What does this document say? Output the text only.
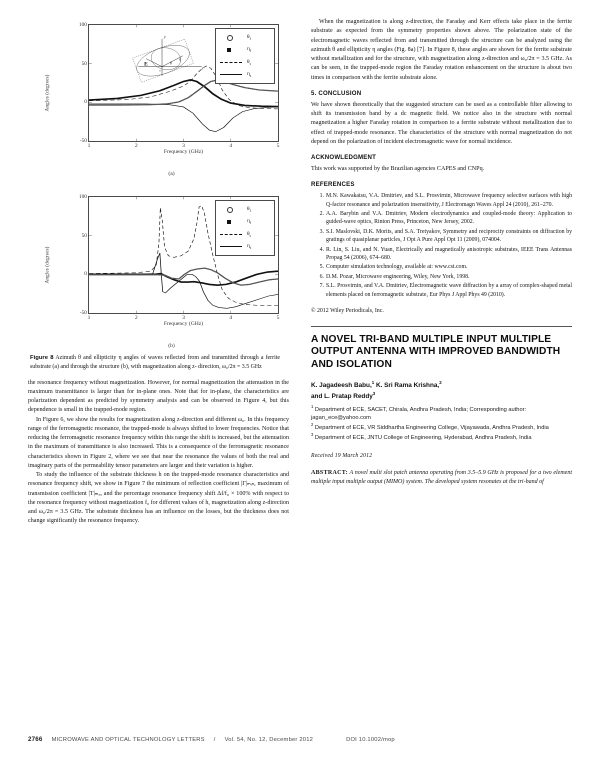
Angles (degrees)
100
50
0
-50
1	2	3	4	5
y
x
E	θ
η
o
$\theta_f$
$\eta_f$
$\theta_s$
$\eta_s$
Frequency (GHz)
(a)
Angles (degrees)
100
50
0
-50
1	2	3	4	5
$\theta_f$
$\eta_f$
$\theta_s$
$\eta_s$
Frequency (GHz)
(b)
Figure 8 Azimuth θ and ellipticity η angles of waves reflected from and transmitted through a ferrite substrate (a) and through the structure (b), with magnetization along z- direction, ω₀/2π = 3.5 GHz

the resonance frequency without magnetization. However, for normal magnetization the attenuation in the maximum transmittance is larger than for in-plane ones. Note that for in-plane, the characteristics are polarization dependent as predicted by symmetry analysis and can be observed in Figure 4, but this dependence is small in the trapped-mode region.

In Figure 6, we show the results for magnetization along z-direction and different ω₀. In this frequency range of the ferromagnetic resonance, the trapped-mode is always shifted to lower frequencies. Notice that reducing the ferromagnetic resonance frequency within this range the shift is increased, but the attenuation in the maximum of transmittance is also increased. This is a consequence of the ferromagnetic resonance characteristics shown in Figure 2, where we see that near the resonance the values of both the real and imaginary parts of the permeability tensor parameters are larger and their variation is higher.

To study the influence of the substrate thickness h on the trapped-mode resonance characteristics and resonance frequency shift, we show in Figure 7 the minimum of reflection coefficient |Γ|ₘᵢₙ, maximum of transmission coefficient |T|ₘₐₓ and the percentage resonance frequency shift Δf/f₀ × 100% with respect to the resonance frequency without magnetization f₀ for different values of h, magnetization along z-direction and ω₀/2π = 3.5 GHz. The substrate thickness has an influence on the losses, but the thickness does not change significantly the resonance frequency.

When the magnetization is along z-direction, the Faraday and Kerr effects take place in the ferrite substrate as expected from the symmetry properties shown above. The polarization state of the electromagnetic waves reflected from and transmitted through the structure can be analyzed using the azimuth θ and ellipticity η angles (Fig. 8a) [7]. In Figure 8, these angles are shown for the ferrite substrate without metallization and for the structure, with magnetization along z-direction and ω₀/2π = 3.5 GHz. As can be seen, in the trapped-mode region the Faraday rotation enhancement on the structure is about two times in comparison with the ferrite substrate alone.

5. CONCLUSION

We have shown theoretically that the suggested structure can be used as a controllable filter allowing to shift its transmission band by a dc magnetic field. We notice also in the structure with normal magnetization a higher Faraday rotation in comparison to a ferrite substrate without metallization due to effect of trapped-mode resonance. The characteristics of the structure with normal magnetization do not depend on the polarization of incident electromagnetic wave for normal incidence.

ACKNOWLEDGMENT

This work was supported by the Brazilian agencies CAPES and CNPq.

REFERENCES
1. M.N. Kawakatsu, V.A. Dmitriev, and S.L. Prosvirnin, Microwave frequency selective surfaces with high Q-factor resonance and polarization insensitivity, J Electromagn Waves Appl 24 (2010), 261–270.
2. A.A. Barybin and V.A. Dmitriev, Modern electrodynamics and coupled-mode theory: Application to guided-wave optics, Rinton Press, Princeton, New Jersey, 2002.
3. S.I. Maslovski, D.K. Morits, and S.A. Tretyakov, Symmetry and reciprocity constraints on diffraction by gratings of quasiplanar particles, J Opt A Pure Appl Opt 11 (2009), 074004.
4. R. Lin, S. Liu, and N. Yuan, Electrically and magnetically anisotropic substrates, IEEE Trans Antennas Propag 54 (2006), 674–680.
5. Computer simulation technology, available at: www.cst.com.
6. D.M. Pozar, Microwave engineering, Wiley, New York, 1998.
7. S.L. Prosvirnin, and V.A. Dmitriev, Electromagnetic wave diffraction by a array of complex-shaped metal elements placed on ferromagnetic substrate, Eur Phys J Appl Phys 49 (2010).
© 2012 Wiley Periodicals, Inc.
A NOVEL TRI-BAND MULTIPLE INPUT MULTIPLE OUTPUT ANTENNA WITH IMPROVED BANDWIDTH AND ISOLATION
K. Jagadeesh Babu,$^1$ K. Sri Rama Krishna,$^2$
and L. Pratap Reddy$^3$

$^1$ Department of ECE, SACET, Chirala, Andhra Pradesh, India; Corresponding author: jagan_ece@yahoo.com

$^2$ Department of ECE, VR Siddhartha Engineering College, Vijayawada, Andhra Pradesh, India

$^3$ Department of ECE, JNTU College of Engineering, Hyderabad, Andhra Pradesh, India

Received 19 March 2012

ABSTRACT: A novel multi slot patch antenna operating from 3.5–5.9 GHz is proposed for a two element multiple input multiple output (MIMO) system. The developed system resonates at the tri-band of

2766 MICROWAVE AND OPTICAL TECHNOLOGY LETTERS / Vol. 54, No. 12, December 2012	DOI 10.1002/mop
